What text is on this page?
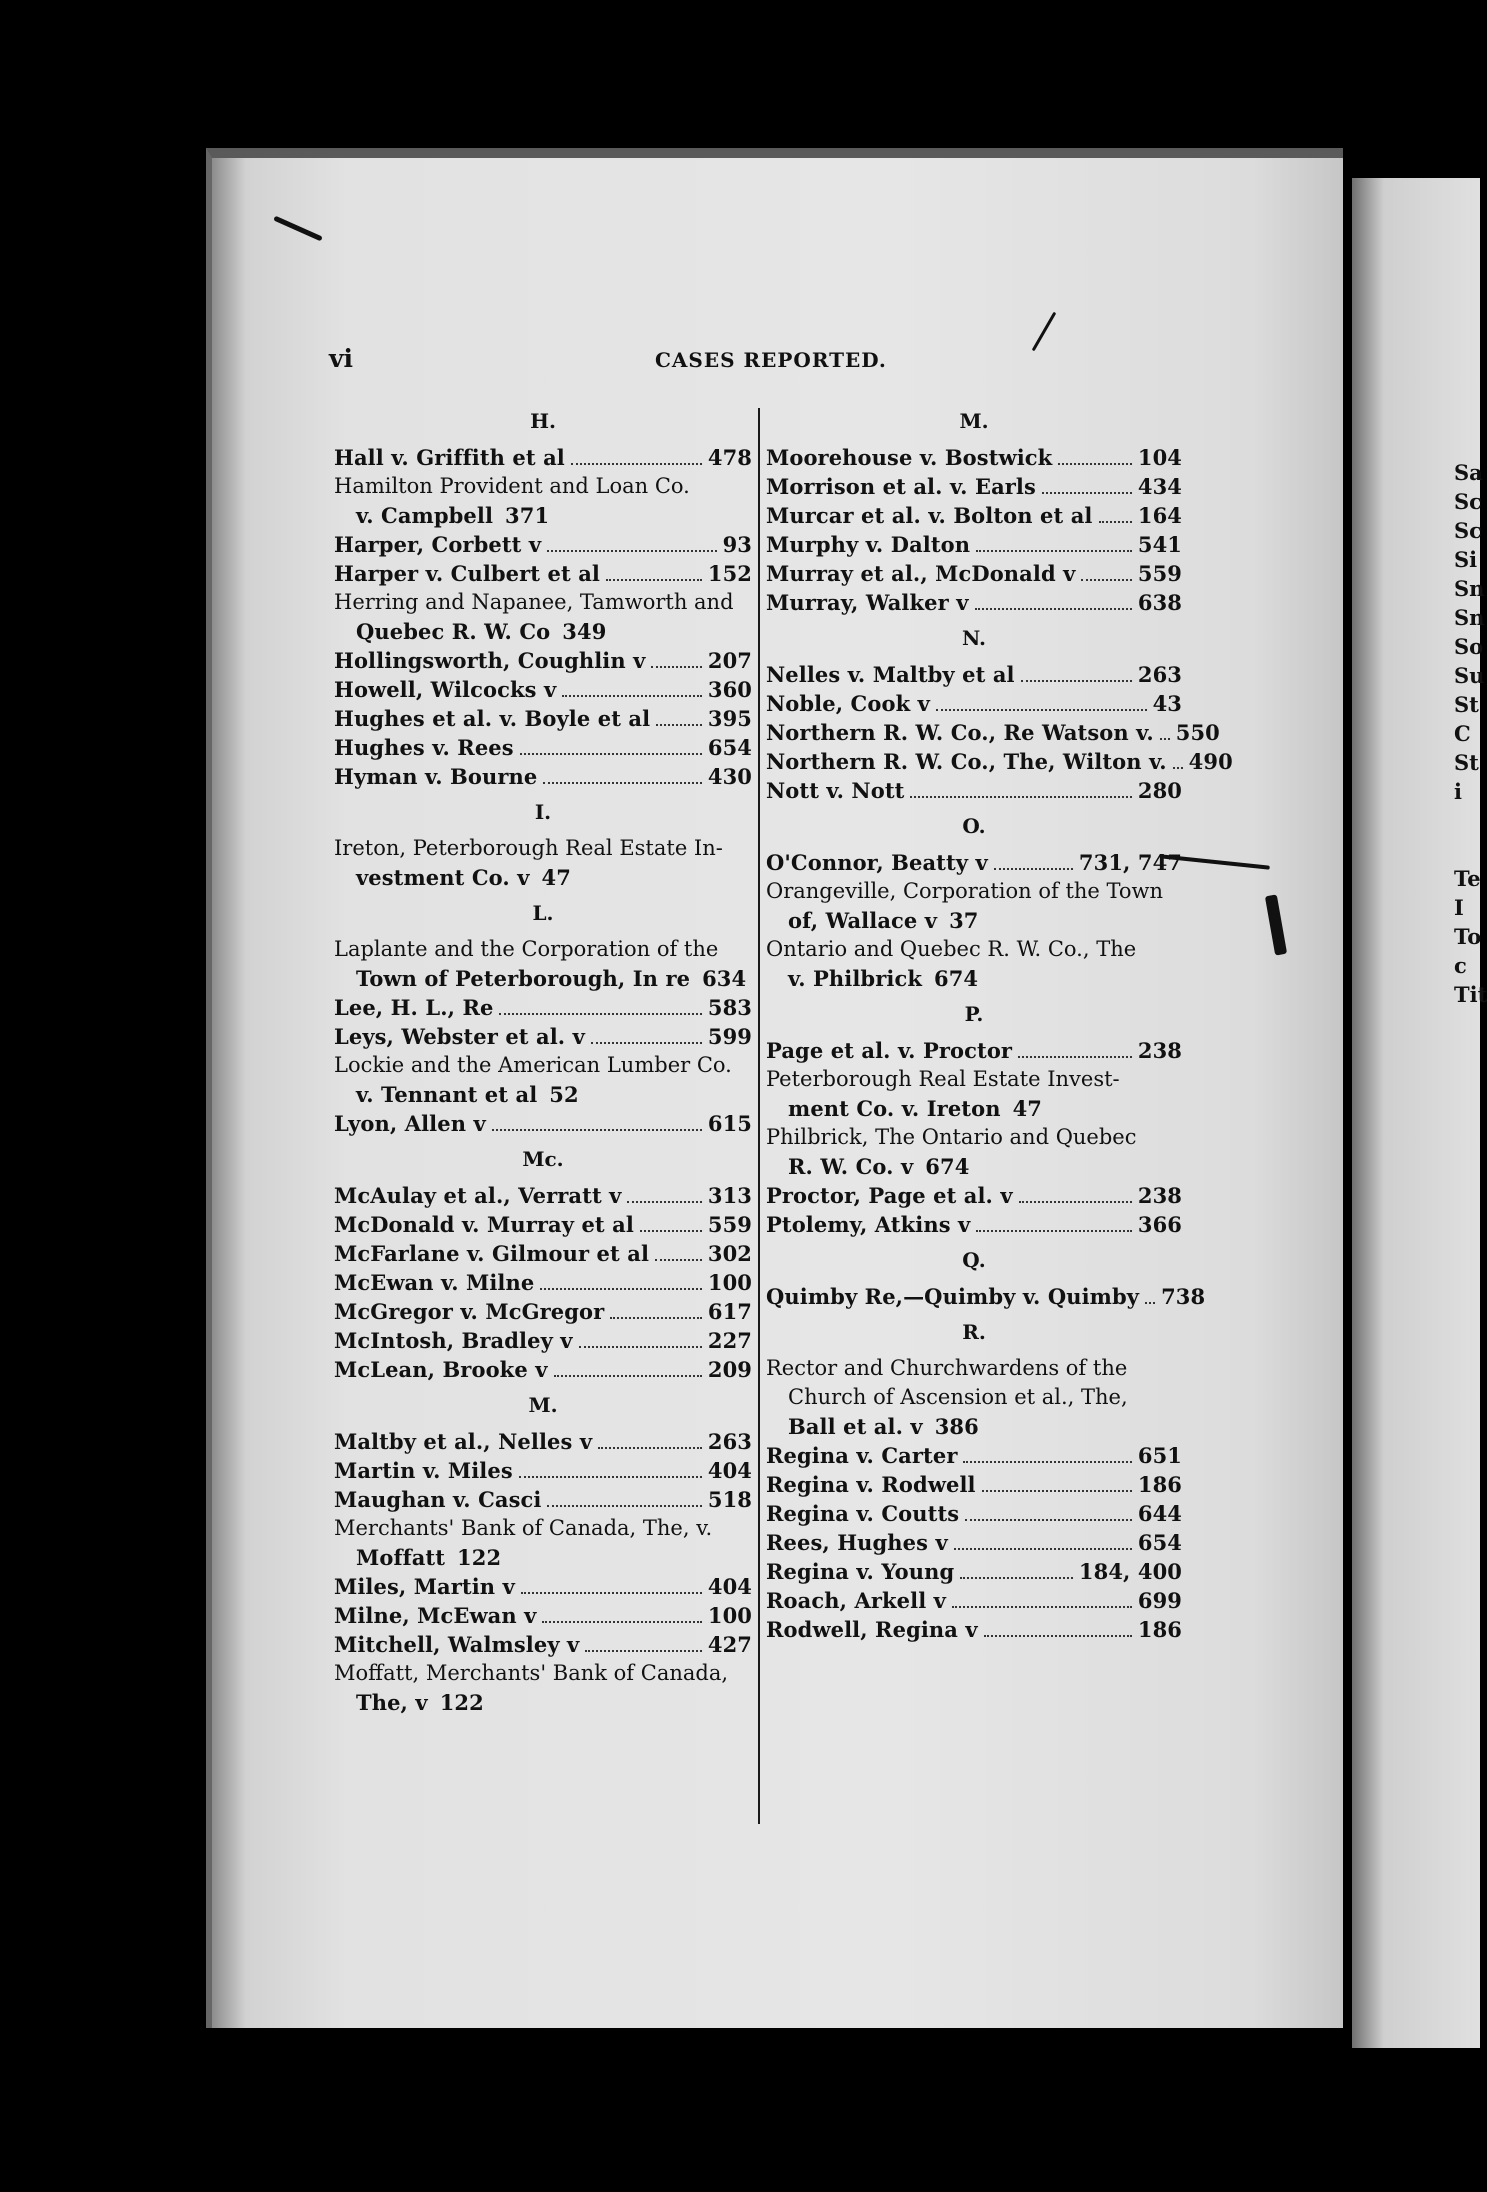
Sa
Sc
Sc
Si
Sn
Sn
So
Su
St
C
St
i
Te
I
To
c
Tit
vi	CASES REPORTED.
H.
Hall v. Griffith et al	478
Hamilton Provident and Loan Co.
v. Campbell 371
Harper, Corbett v	93
Harper v. Culbert et al	152
Herring and Napanee, Tamworth and
Quebec R. W. Co 349
Hollingsworth, Coughlin v	207
Howell, Wilcocks v	360
Hughes et al. v. Boyle et al	395
Hughes v. Rees	654
Hyman v. Bourne	430
I.
Ireton, Peterborough Real Estate In-
vestment Co. v 47
L.
Laplante and the Corporation of the
Town of Peterborough, In re 634
Lee, H. L., Re	583
Leys, Webster et al. v	599
Lockie and the American Lumber Co.
v. Tennant et al 52
Lyon, Allen v	615
Mc.
McAulay et al., Verratt v	313
McDonald v. Murray et al	559
McFarlane v. Gilmour et al	302
McEwan v. Milne	100
McGregor v. McGregor	617
McIntosh, Bradley v	227
McLean, Brooke v	209
M.
Maltby et al., Nelles v	263
Martin v. Miles	404
Maughan v. Casci	518
Merchants' Bank of Canada, The, v.
Moffatt 122
Miles, Martin v	404
Milne, McEwan v	100
Mitchell, Walmsley v	427
Moffatt, Merchants' Bank of Canada,
The, v 122
M.
Moorehouse v. Bostwick	104
Morrison et al. v. Earls	434
Murcar et al. v. Bolton et al 164
Murphy v. Dalton	541
Murray et al., McDonald v	559
Murray, Walker v	638
N.
Nelles v. Maltby et al	263
Noble, Cook v	43
Northern R. W. Co., Re Watson v. 550
Northern R. W. Co., The, Wilton v. 490
Nott v. Nott	280
O.
O'Connor, Beatty v	731, 747
Orangeville, Corporation of the Town
of, Wallace v 37
Ontario and Quebec R. W. Co., The
v. Philbrick 674
P.
Page et al. v. Proctor	238
Peterborough Real Estate Invest-
ment Co. v. Ireton 47
Philbrick, The Ontario and Quebec
R. W. Co. v 674
Proctor, Page et al. v	238
Ptolemy, Atkins v	366
Q.
Quimby Re,—Quimby v. Quimby 738
R.
Rector and Churchwardens of the
Church of Ascension et al., The,
Ball et al. v 386
Regina v. Carter	651
Regina v. Rodwell	186
Regina v. Coutts	644
Rees, Hughes v	654
Regina v. Young	184, 400
Roach, Arkell v	699
Rodwell, Regina v	186
